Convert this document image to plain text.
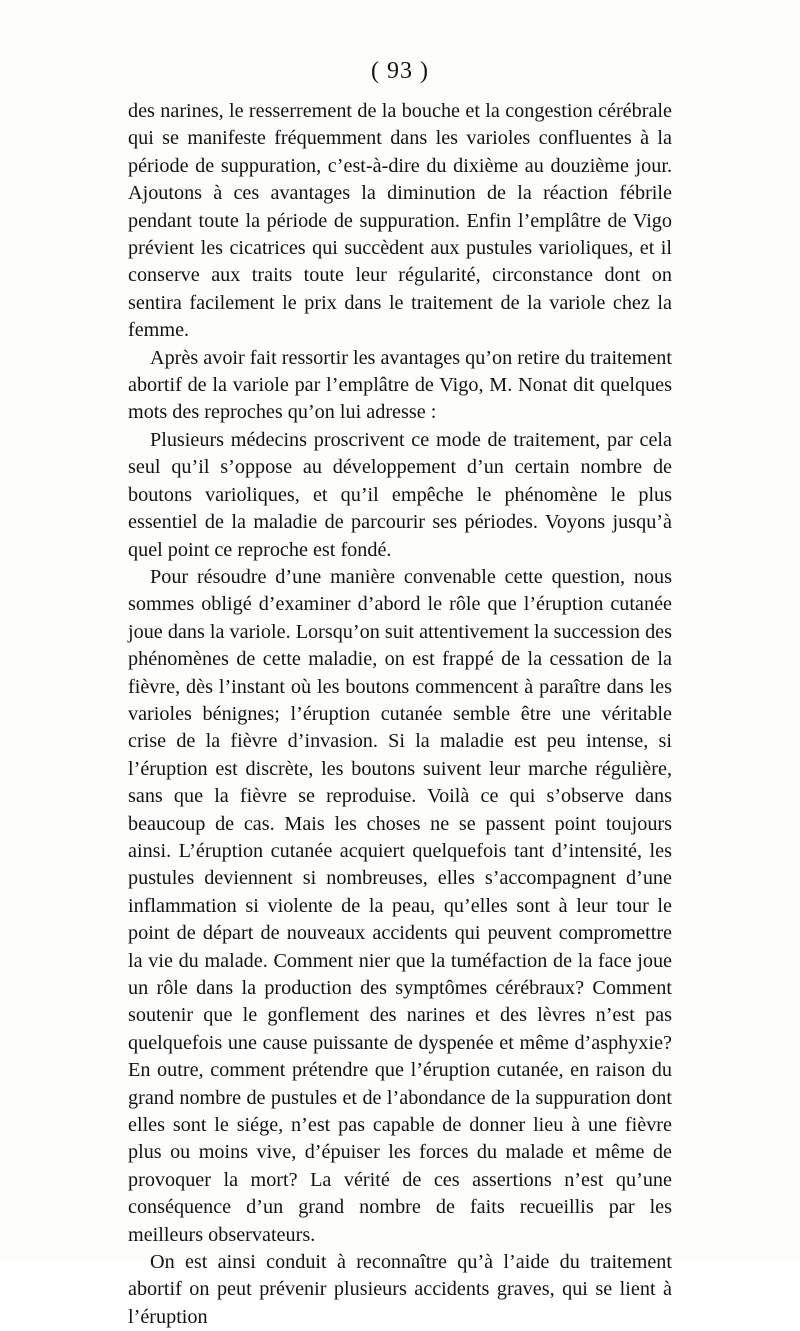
( 93 )

des narines, le resserrement de la bouche et la congestion cérébrale qui se manifeste fréquemment dans les varioles confluentes à la période de suppuration, c’est-à-dire du dixième au douzième jour. Ajoutons à ces avantages la diminution de la réaction fébrile pendant toute la période de suppuration. Enfin l’emplâtre de Vigo prévient les cicatrices qui succèdent aux pustules varioliques, et il conserve aux traits toute leur régularité, circonstance dont on sentira facilement le prix dans le traitement de la variole chez la femme.

Après avoir fait ressortir les avantages qu’on retire du traitement abortif de la variole par l’emplâtre de Vigo, M. Nonat dit quelques mots des reproches qu’on lui adresse :

Plusieurs médecins proscrivent ce mode de traitement, par cela seul qu’il s’oppose au développement d’un certain nombre de boutons varioliques, et qu’il empêche le phénomène le plus essentiel de la maladie de parcourir ses périodes. Voyons jusqu’à quel point ce reproche est fondé.

Pour résoudre d’une manière convenable cette question, nous sommes obligé d’examiner d’abord le rôle que l’éruption cutanée joue dans la variole. Lorsqu’on suit attentivement la succession des phénomènes de cette maladie, on est frappé de la cessation de la fièvre, dès l’instant où les boutons commencent à paraître dans les varioles bénignes; l’éruption cutanée semble être une véritable crise de la fièvre d’invasion. Si la maladie est peu intense, si l’éruption est discrète, les boutons suivent leur marche régulière, sans que la fièvre se reproduise. Voilà ce qui s’observe dans beaucoup de cas. Mais les choses ne se passent point toujours ainsi. L’éruption cutanée acquiert quelquefois tant d’intensité, les pustules deviennent si nombreuses, elles s’accompagnent d’une inflammation si violente de la peau, qu’elles sont à leur tour le point de départ de nouveaux accidents qui peuvent compromettre la vie du malade. Comment nier que la tuméfaction de la face joue un rôle dans la production des symptômes cérébraux? Comment soutenir que le gonflement des narines et des lèvres n’est pas quelquefois une cause puissante de dyspenée et même d’asphyxie? En outre, comment prétendre que l’éruption cutanée, en raison du grand nombre de pustules et de l’abondance de la suppuration dont elles sont le siége, n’est pas capable de donner lieu à une fièvre plus ou moins vive, d’épuiser les forces du malade et même de provoquer la mort? La vérité de ces assertions n’est qu’une conséquence d’un grand nombre de faits recueillis par les meilleurs observateurs.

On est ainsi conduit à reconnaître qu’à l’aide du traitement abortif on peut prévenir plusieurs accidents graves, qui se lient à l’éruption
